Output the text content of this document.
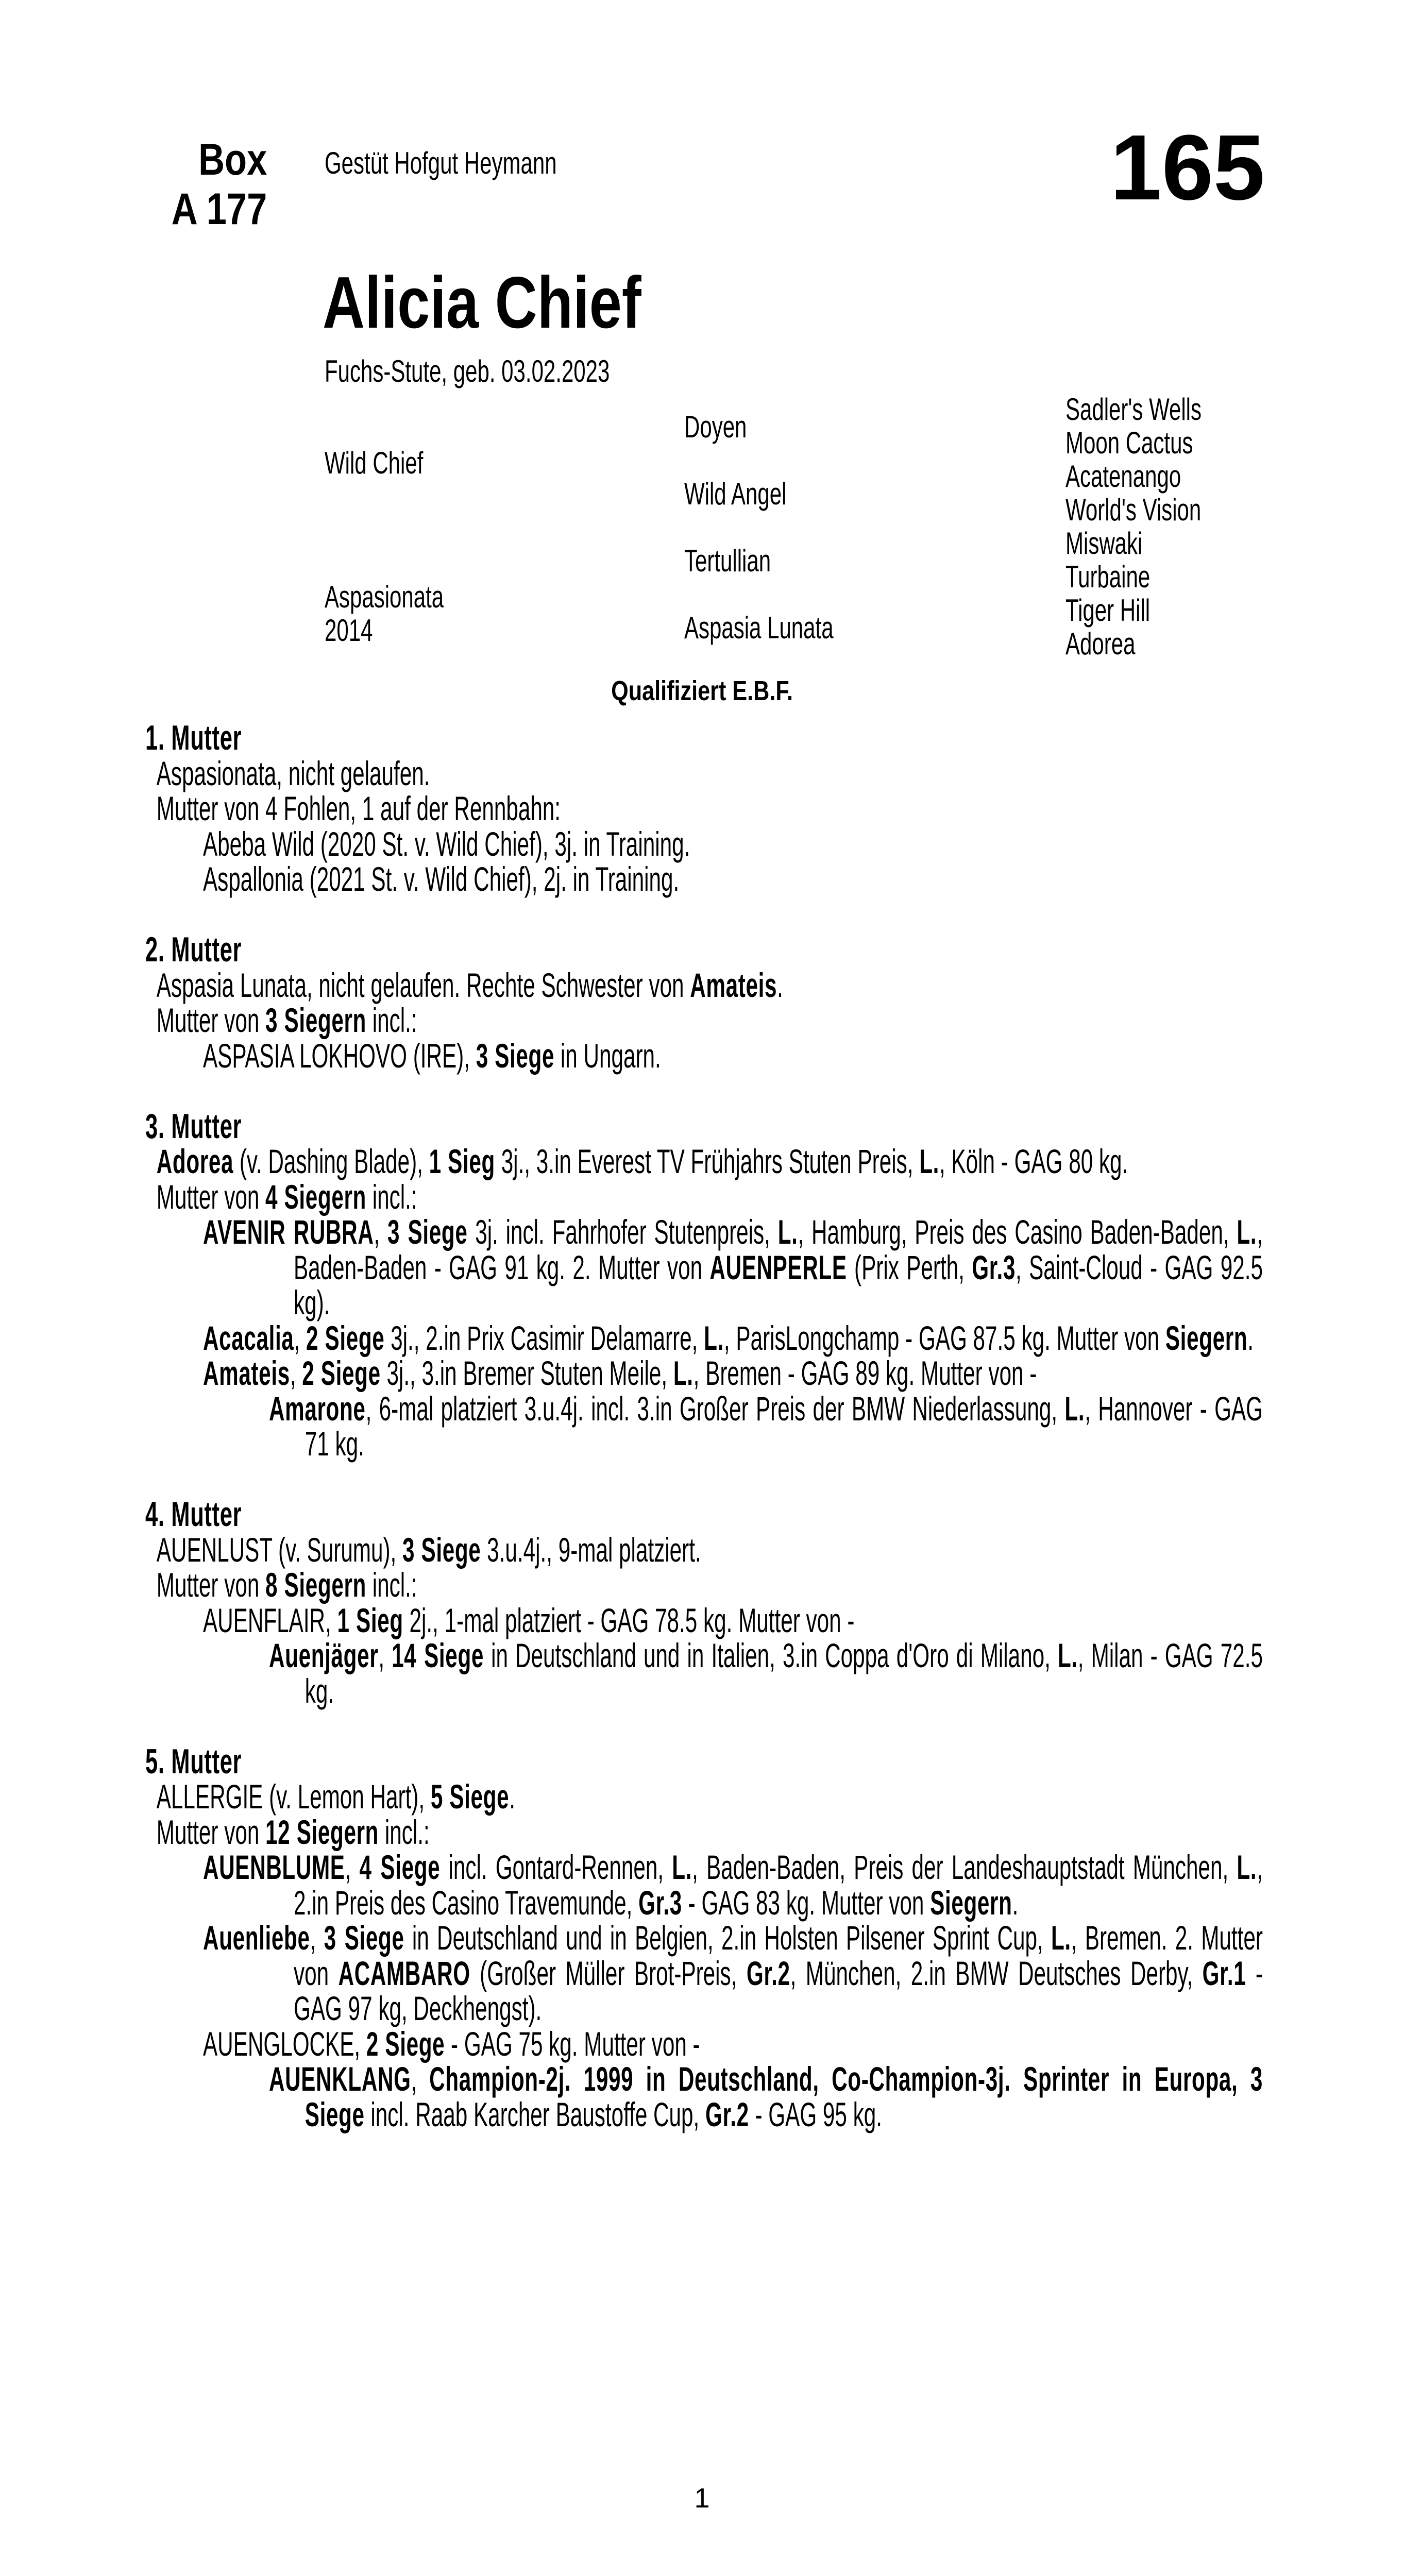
Box
A 177
Gestüt Hofgut Heymann	165
Alicia Chief
Fuchs-Stute, geb. 03.02.2023
Wild Chief
Aspasionata
2014
Doyen
Wild Angel
Tertullian
Aspasia Lunata
Sadler's Wells
Moon Cactus
Acatenango
World's Vision
Miswaki
Turbaine
Tiger Hill
Adorea
Qualifiziert E.B.F.
1. Mutter
Aspasionata, nicht gelaufen.
Mutter von 4 Fohlen, 1 auf der Rennbahn:
Abeba Wild (2020 St. v. Wild Chief), 3j. in Training.
Aspallonia (2021 St. v. Wild Chief), 2j. in Training.
2. Mutter
Aspasia Lunata, nicht gelaufen. Rechte Schwester von Amateis.
Mutter von 3 Siegern incl.:
ASPASIA LOKHOVO (IRE), 3 Siege in Ungarn.
3. Mutter
Adorea (v. Dashing Blade), 1 Sieg 3j., 3.in Everest TV Frühjahrs Stuten Preis, L., Köln - GAG 80 kg.
Mutter von 4 Siegern incl.:
AVENIR RUBRA, 3 Siege 3j. incl. Fahrhofer Stutenpreis, L., Hamburg, Preis des Casino Baden-Baden, L., Baden-Baden - GAG 91 kg. 2. Mutter von AUENPERLE (Prix Perth, Gr.3, Saint-Cloud - GAG 92.5 kg).
Acacalia, 2 Siege 3j., 2.in Prix Casimir Delamarre, L., ParisLongchamp - GAG 87.5 kg. Mutter von Siegern.
Amateis, 2 Siege 3j., 3.in Bremer Stuten Meile, L., Bremen - GAG 89 kg. Mutter von -
Amarone, 6-mal platziert 3.u.4j. incl. 3.in Großer Preis der BMW Niederlassung, L., Hannover - GAG 71 kg.
4. Mutter
AUENLUST (v. Surumu), 3 Siege 3.u.4j., 9-mal platziert.
Mutter von 8 Siegern incl.:
AUENFLAIR, 1 Sieg 2j., 1-mal platziert - GAG 78.5 kg. Mutter von -
Auenjäger, 14 Siege in Deutschland und in Italien, 3.in Coppa d'Oro di Milano, L., Milan - GAG 72.5 kg.
5. Mutter
ALLERGIE (v. Lemon Hart), 5 Siege.
Mutter von 12 Siegern incl.:
AUENBLUME, 4 Siege incl. Gontard-Rennen, L., Baden-Baden, Preis der Landeshauptstadt München, L., 2.in Preis des Casino Travemunde, Gr.3 - GAG 83 kg. Mutter von Siegern.
Auenliebe, 3 Siege in Deutschland und in Belgien, 2.in Holsten Pilsener Sprint Cup, L., Bremen. 2. Mutter von ACAMBARO (Großer Müller Brot-Preis, Gr.2, München, 2.in BMW Deutsches Derby, Gr.1 - GAG 97 kg, Deckhengst).
AUENGLOCKE, 2 Siege - GAG 75 kg. Mutter von -
AUENKLANG, Champion-2j. 1999 in Deutschland, Co-Champion-3j. Sprinter in Europa, 3 Siege incl. Raab Karcher Baustoffe Cup, Gr.2 - GAG 95 kg.
1
